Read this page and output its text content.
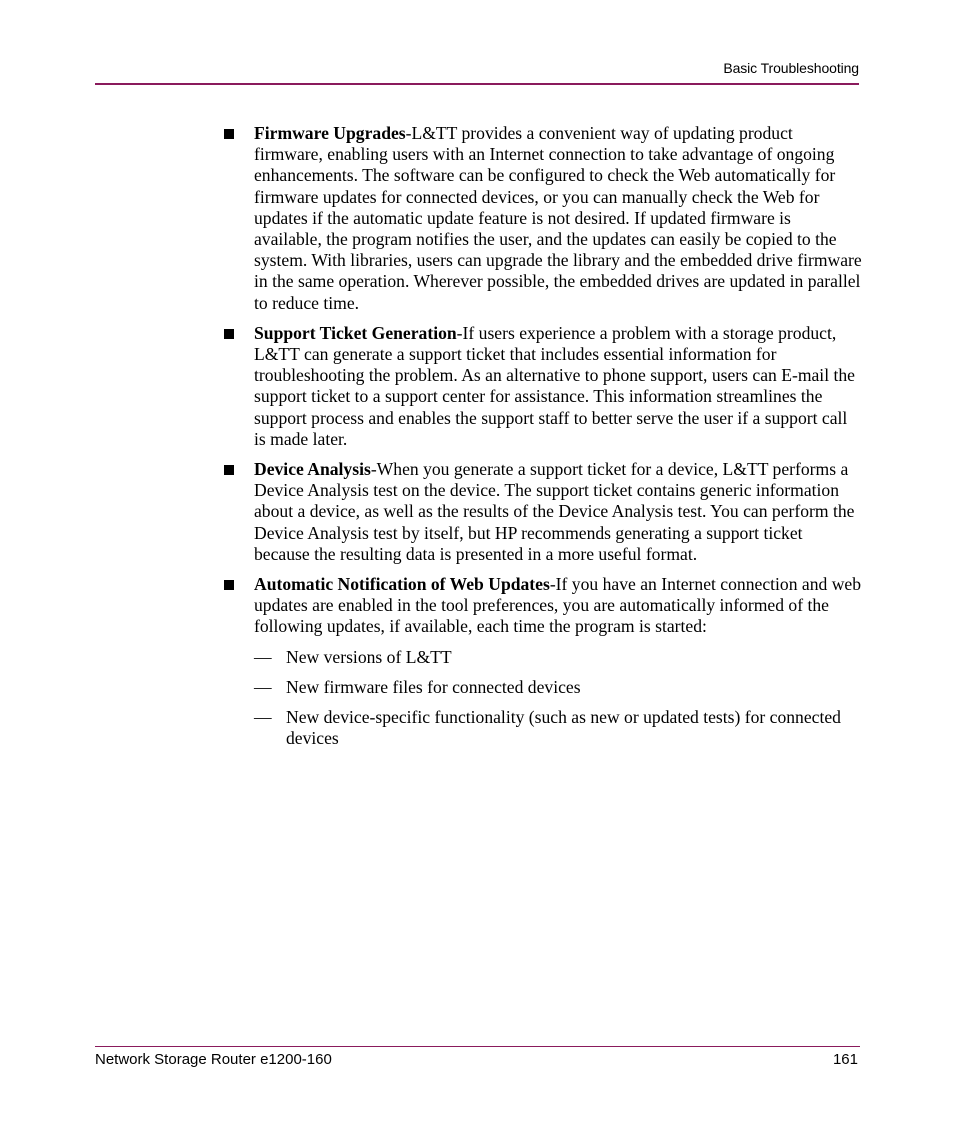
Basic Troubleshooting
Firmware Upgrades-L&TT provides a convenient way of updating product firmware, enabling users with an Internet connection to take advantage of ongoing enhancements. The software can be configured to check the Web automatically for firmware updates for connected devices, or you can manually check the Web for updates if the automatic update feature is not desired. If updated firmware is available, the program notifies the user, and the updates can easily be copied to the system. With libraries, users can upgrade the library and the embedded drive firmware in the same operation. Wherever possible, the embedded drives are updated in parallel to reduce time.
Support Ticket Generation-If users experience a problem with a storage product, L&TT can generate a support ticket that includes essential information for troubleshooting the problem. As an alternative to phone support, users can E-mail the support ticket to a support center for assistance. This information streamlines the support process and enables the support staff to better serve the user if a support call is made later.
Device Analysis-When you generate a support ticket for a device, L&TT performs a Device Analysis test on the device. The support ticket contains generic information about a device, as well as the results of the Device Analysis test. You can perform the Device Analysis test by itself, but HP recommends generating a support ticket because the resulting data is presented in a more useful format.
Automatic Notification of Web Updates-If you have an Internet connection and web updates are enabled in the tool preferences, you are automatically informed of the following updates, if available, each time the program is started:
— New versions of L&TT
— New firmware files for connected devices
— New device-specific functionality (such as new or updated tests) for connected devices
Network Storage Router e1200-160	161
